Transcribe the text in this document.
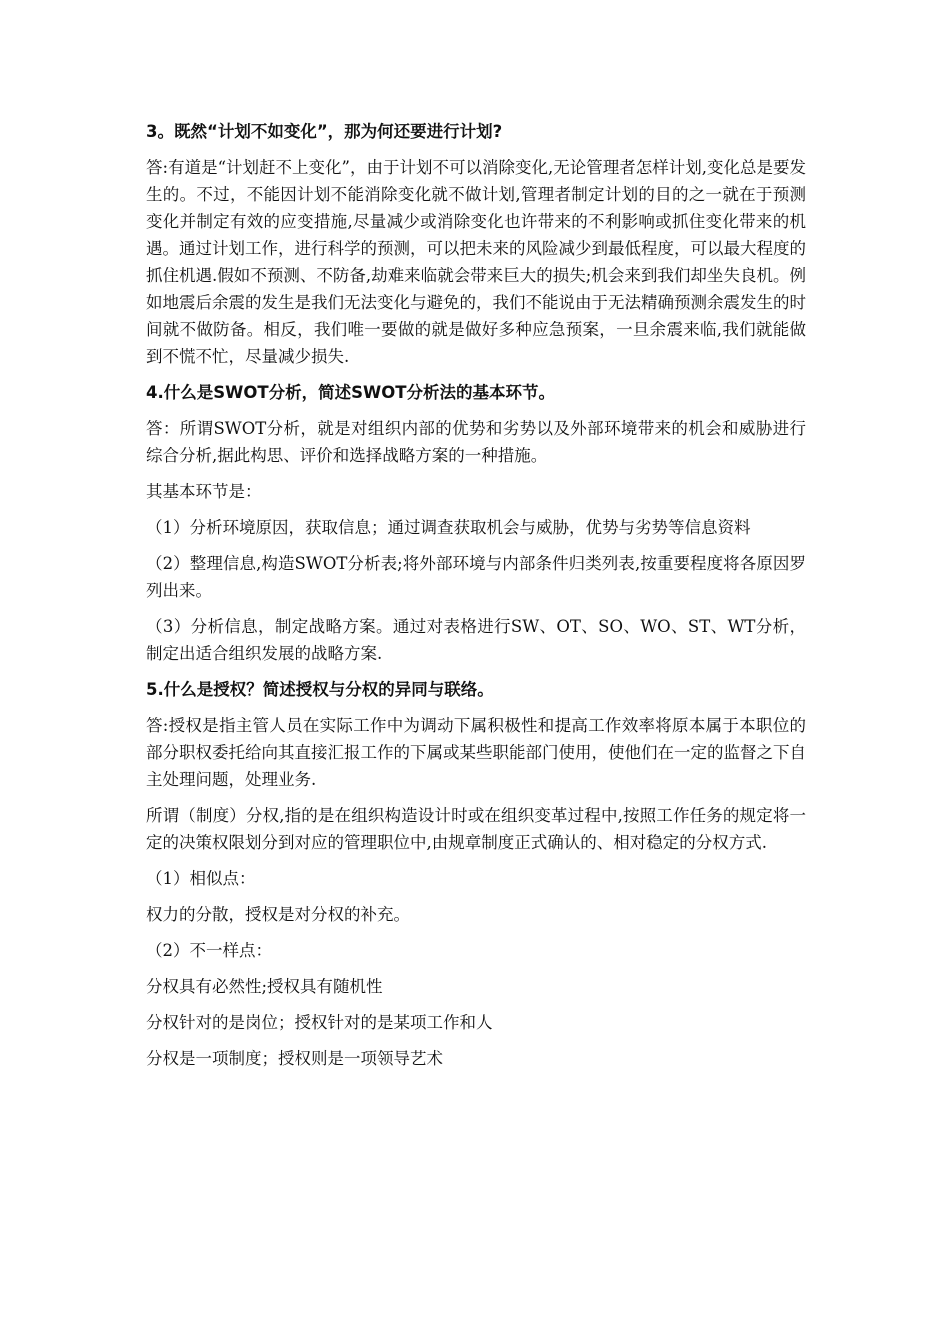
3。既然“计划不如变化”，那为何还要进行计划?

答:有道是“计划赶不上变化”，由于计划不可以消除变化,无论管理者怎样计划,变化总是要发生的。不过，不能因计划不能消除变化就不做计划,管理者制定计划的目的之一就在于预测变化并制定有效的应变措施,尽量减少或消除变化也许带来的不利影响或抓住变化带来的机遇。通过计划工作，进行科学的预测，可以把未来的风险减少到最低程度，可以最大程度的抓住机遇.假如不预测、不防备,劫难来临就会带来巨大的损失;机会来到我们却坐失良机。例如地震后余震的发生是我们无法变化与避免的，我们不能说由于无法精确预测余震发生的时间就不做防备。相反，我们唯一要做的就是做好多种应急预案，一旦余震来临,我们就能做到不慌不忙，尽量减少损失.

4.什么是SWOT分析，简述SWOT分析法的基本环节。

答：所谓SWOT分析，就是对组织内部的优势和劣势以及外部环境带来的机会和威胁进行综合分析,据此构思、评价和选择战略方案的一种措施。

其基本环节是：

（1）分析环境原因，获取信息；通过调查获取机会与威胁，优势与劣势等信息资料

（2）整理信息,构造SWOT分析表;将外部环境与内部条件归类列表,按重要程度将各原因罗列出来。

（3）分析信息，制定战略方案。通过对表格进行SW、OT、SO、WO、ST、WT分析，制定出适合组织发展的战略方案.

5.什么是授权？简述授权与分权的异同与联络。

答:授权是指主管人员在实际工作中为调动下属积极性和提高工作效率将原本属于本职位的部分职权委托给向其直接汇报工作的下属或某些职能部门使用，使他们在一定的监督之下自主处理问题，处理业务.

所谓（制度）分权,指的是在组织构造设计时或在组织变革过程中,按照工作任务的规定将一定的决策权限划分到对应的管理职位中,由规章制度正式确认的、相对稳定的分权方式.

（1）相似点：

权力的分散，授权是对分权的补充。

（2）不一样点：

分权具有必然性;授权具有随机性

分权针对的是岗位；授权针对的是某项工作和人

分权是一项制度；授权则是一项领导艺术
